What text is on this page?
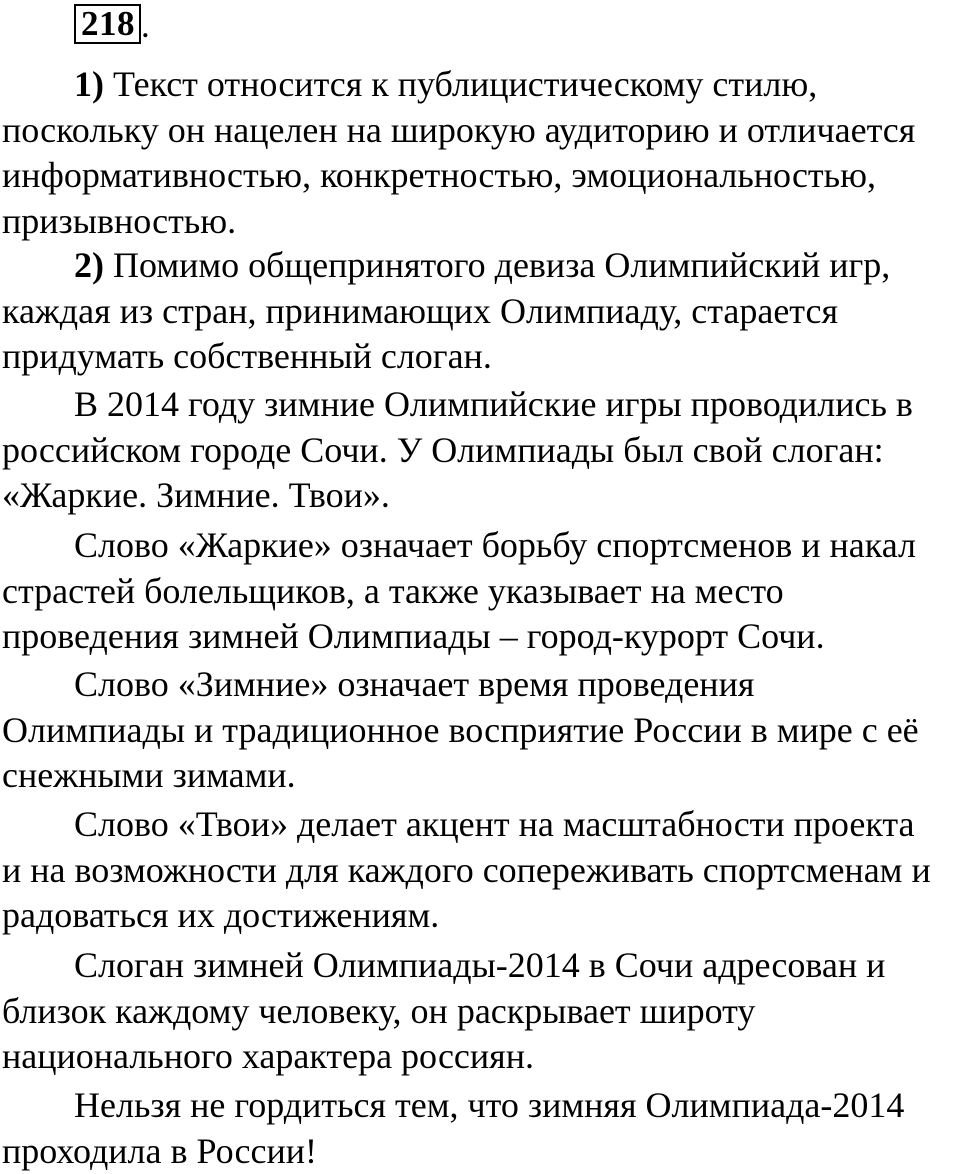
218 .

1) Текст относится к публицистическому стилю,
поскольку он нацелен на широкую аудиторию и отличается
информативностью, конкретностью, эмоциональностью,
призывностью.

2) Помимо общепринятого девиза Олимпийский игр,
каждая из стран, принимающих Олимпиаду, старается
придумать собственный слоган.

В 2014 году зимние Олимпийские игры проводились в
российском городе Сочи. У Олимпиады был свой слоган:
«Жаркие. Зимние. Твои».

Слово «Жаркие» означает борьбу спортсменов и накал
страстей болельщиков, а также указывает на место
проведения зимней Олимпиады – город-курорт Сочи.

Слово «Зимние» означает время проведения
Олимпиады и традиционное восприятие России в мире с её
снежными зимами.

Слово «Твои» делает акцент на масштабности проекта
и на возможности для каждого сопереживать спортсменам и
радоваться их достижениям.

Слоган зимней Олимпиады-2014 в Сочи адресован и
близок каждому человеку, он раскрывает широту
национального характера россиян.

Нельзя не гордиться тем, что зимняя Олимпиада-2014
проходила в России!
